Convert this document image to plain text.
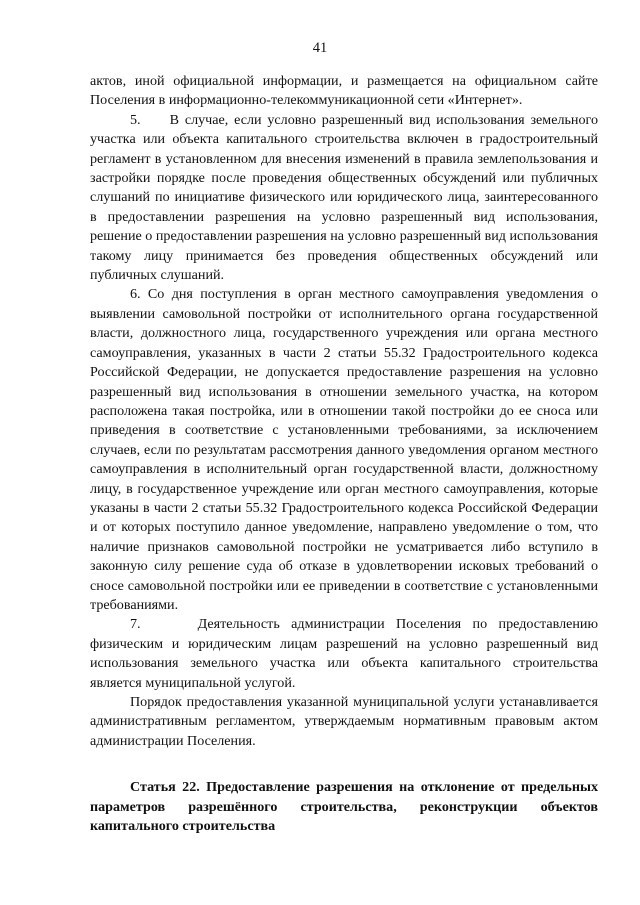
41

актов, иной официальной информации, и размещается на официальном сайте Поселения в информационно-телекоммуникационной сети «Интернет».

5.     В случае, если условно разрешенный вид использования земельного участка или объекта капитального строительства включен в градостроительный регламент в установленном для внесения изменений в правила землепользования и застройки порядке после проведения общественных обсуждений или публичных слушаний по инициативе физического или юридического лица, заинтересованного в предоставлении разрешения на условно разрешенный вид использования, решение о предоставлении разрешения на условно разрешенный вид использования такому лицу принимается без проведения общественных обсуждений или публичных слушаний.

6. Со дня поступления в орган местного самоуправления уведомления о выявлении самовольной постройки от исполнительного органа государственной власти, должностного лица, государственного учреждения или органа местного самоуправления, указанных в части 2 статьи 55.32 Градостроительного кодекса Российской Федерации, не допускается предоставление разрешения на условно разрешенный вид использования в отношении земельного участка, на котором расположена такая постройка, или в отношении такой постройки до ее сноса или приведения в соответствие с установленными требованиями, за исключением случаев, если по результатам рассмотрения данного уведомления органом местного самоуправления в исполнительный орган государственной власти, должностному лицу, в государственное учреждение или орган местного самоуправления, которые указаны в части 2 статьи 55.32 Градостроительного кодекса Российской Федерации и от которых поступило данное уведомление, направлено уведомление о том, что наличие признаков самовольной постройки не усматривается либо вступило в законную силу решение суда об отказе в удовлетворении исковых требований о сносе самовольной постройки или ее приведении в соответствие с установленными требованиями.

7.     Деятельность администрации Поселения по предоставлению физическим и юридическим лицам разрешений на условно разрешенный вид использования земельного участка или объекта капитального строительства является муниципальной услугой.

Порядок предоставления указанной муниципальной услуги устанавливается административным регламентом, утверждаемым нормативным правовым актом администрации Поселения.

Статья 22. Предоставление разрешения на отклонение от предельных параметров разрешённого строительства, реконструкции объектов капитального строительства
